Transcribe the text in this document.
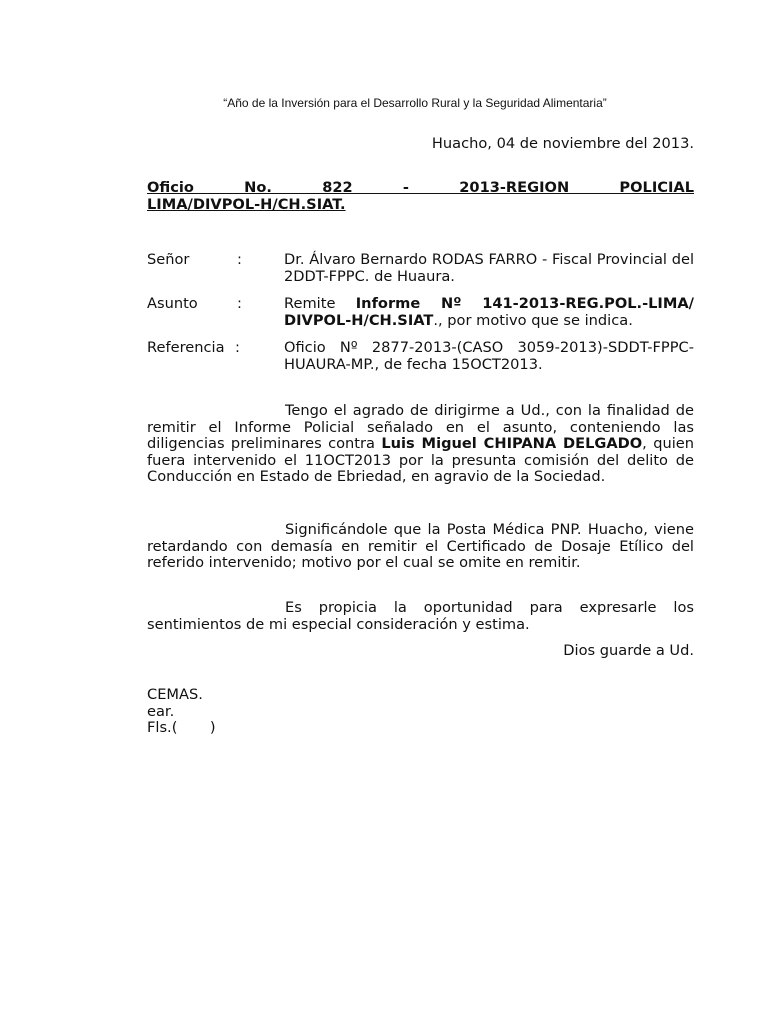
“Año de la Inversión para el Desarrollo Rural y la Seguridad Alimentaria”
Huacho, 04 de noviembre del 2013.
Oficio No. 822 - 2013-REGION POLICIAL
LIMA/DIVPOL-H/CH.SIAT.
Señor	:	Dr. Álvaro Bernardo RODAS FARRO - Fiscal Provincial del 2DDT-FPPC. de Huaura.
Asunto	:	Remite Informe Nº 141-2013-REG.POL.-LIMA/ DIVPOL-H/CH.SIAT., por motivo que se indica.
Referencia :	Oficio Nº 2877-2013-(CASO 3059-2013)-SDDT-FPPC-HUAURA-MP., de fecha 15OCT2013.
Tengo el agrado de dirigirme a Ud., con la finalidad de remitir el Informe Policial señalado en el asunto, conteniendo las diligencias preliminares contra Luis Miguel CHIPANA DELGADO, quien fuera intervenido el 11OCT2013 por la presunta comisión del delito de Conducción en Estado de Ebriedad, en agravio de la Sociedad.
Significándole que la Posta Médica PNP. Huacho, viene retardando con demasía en remitir el Certificado de Dosaje Etílico del referido intervenido; motivo por el cual se omite en remitir.
Es propicia la oportunidad para expresarle los sentimientos de mi especial consideración y estima.
Dios guarde a Ud.
CEMAS.
ear.
Fls.(       )
